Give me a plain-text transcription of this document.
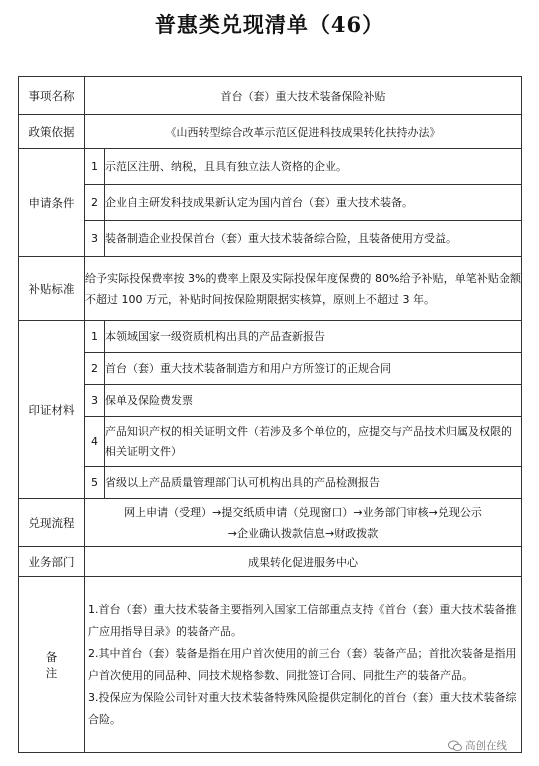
普惠类兑现清单（46）
事项名称	首台（套）重大技术装备保险补贴	
政策依据	《山西转型综合改革示范区促进科技成果转化扶持办法》	
申请条件	1	示范区注册、纳税，且具有独立法人资格的企业。
	2	企业自主研发科技成果新认定为国内首台（套）重大技术装备。
	3	装备制造企业投保首台（套）重大技术装备综合险，且装备使用方受益。
补贴标准	给予实际投保费率按 3%的费率上限及实际投保年度保费的 80%给予补贴，单笔补贴金额不超过 100 万元，补贴时间按保险期限据实核算，原则上不超过 3 年。	
印证材料	1	本领域国家一级资质机构出具的产品查新报告
	2	首台（套）重大技术装备制造方和用户方所签订的正规合同
	3	保单及保险费发票
	4	产品知识产权的相关证明文件（若涉及多个单位的，应提交与产品技术归属及权限的相关证明文件）
	5	省级以上产品质量管理部门认可机构出具的产品检测报告
兑现流程	网上申请（受理）→提交纸质申请（兑现窗口）→业务部门审核→兑现公示
→企业确认拨款信息→财政拨款	

业务部门	成果转化促进服务中心	
备注	1.首台（套）重大技术装备主要指列入国家工信部重点支持《首台（套）重大技术装备推广应用指导目录》的装备产品。

2.其中首台（套）装备是指在用户首次使用的前三台（套）装备产品；首批次装备是指用户首次使用的同品种、同技术规格参数、同批签订合同、同批生产的装备产品。

3.投保应为保险公司针对重大技术装备特殊风险提供定制化的首台（套）重大技术装备综合险。	

高创在线
